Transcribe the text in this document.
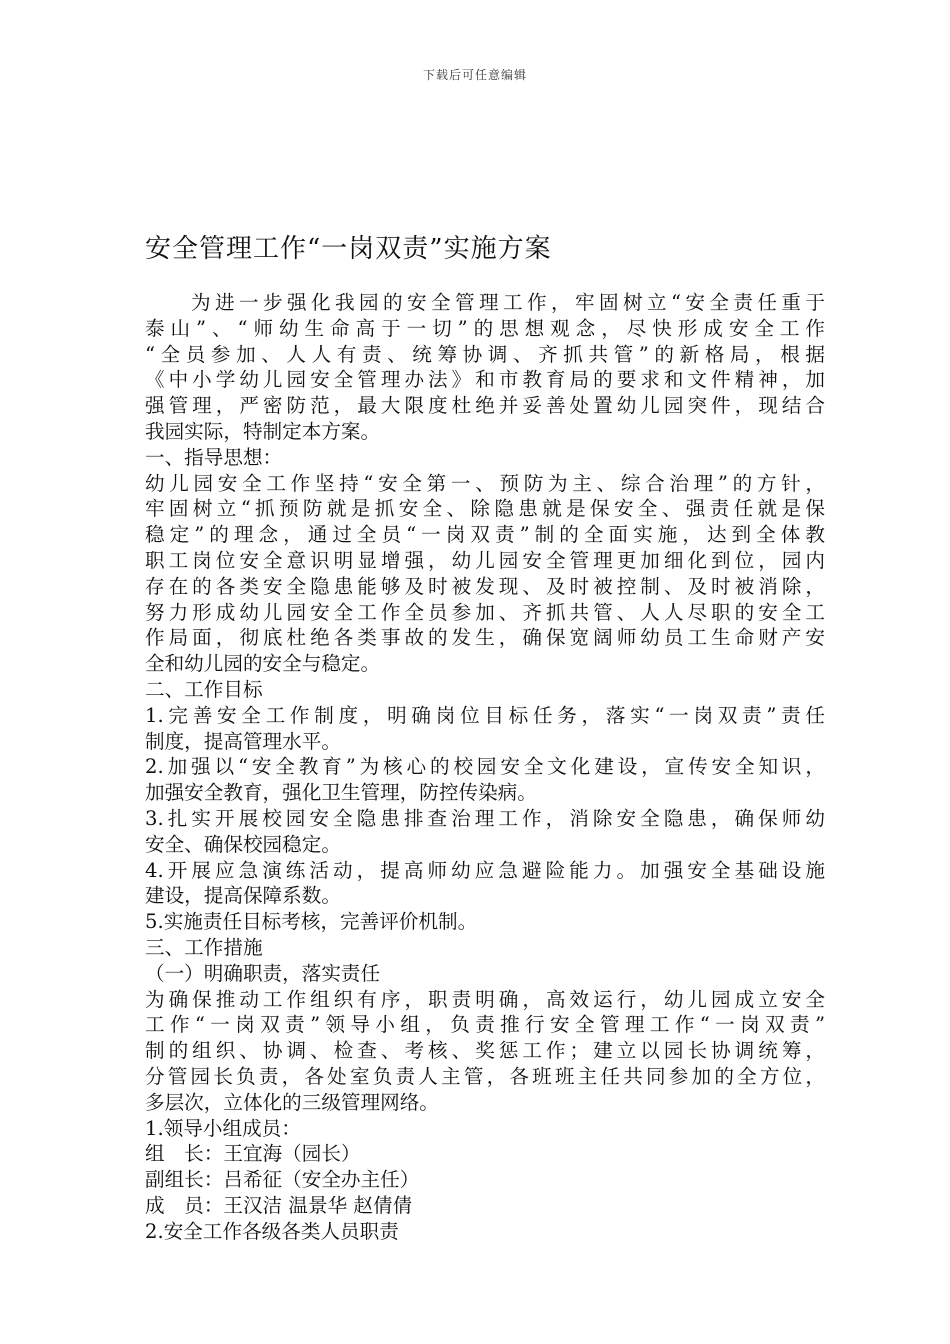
下载后可任意编辑
安全管理工作“一岗双责”实施方案
为进一步强化我园的安全管理工作，牢固树立“安全责任重于
泰山”、“师幼生命高于一切”的思想观念，尽快形成安全工作
“全员参加、人人有责、统筹协调、齐抓共管”的新格局，根据
《中小学幼儿园安全管理办法》和市教育局的要求和文件精神，加
强管理，严密防范，最大限度杜绝并妥善处置幼儿园突件，现结合
我园实际，特制定本方案。
一、指导思想：
幼儿园安全工作坚持“安全第一、预防为主、综合治理”的方针，
牢固树立“抓预防就是抓安全、除隐患就是保安全、强责任就是保
稳定”的理念，通过全员“一岗双责”制的全面实施，达到全体教
职工岗位安全意识明显增强，幼儿园安全管理更加细化到位，园内
存在的各类安全隐患能够及时被发现、及时被控制、及时被消除，
努力形成幼儿园安全工作全员参加、齐抓共管、人人尽职的安全工
作局面，彻底杜绝各类事故的发生，确保宽阔师幼员工生命财产安
全和幼儿园的安全与稳定。
二、工作目标
1.完善安全工作制度，明确岗位目标任务，落实“一岗双责”责任
制度，提高管理水平。
2.加强以“安全教育”为核心的校园安全文化建设，宣传安全知识，
加强安全教育，强化卫生管理，防控传染病。
3.扎实开展校园安全隐患排查治理工作，消除安全隐患，确保师幼
安全、确保校园稳定。
4.开展应急演练活动，提高师幼应急避险能力。加强安全基础设施
建设，提高保障系数。
5.实施责任目标考核，完善评价机制。
三、工作措施
（一）明确职责，落实责任
为确保推动工作组织有序，职责明确，高效运行，幼儿园成立安全
工作“一岗双责”领导小组，负责推行安全管理工作“一岗双责”
制的组织、协调、检查、考核、奖惩工作；建立以园长协调统筹，
分管园长负责，各处室负责人主管，各班班主任共同参加的全方位，
多层次，立体化的三级管理网络。
1.领导小组成员：
组　长：王宜海（园长）
副组长：吕希征（安全办主任）
成　员：王汉洁 温景华 赵倩倩
2.安全工作各级各类人员职责
